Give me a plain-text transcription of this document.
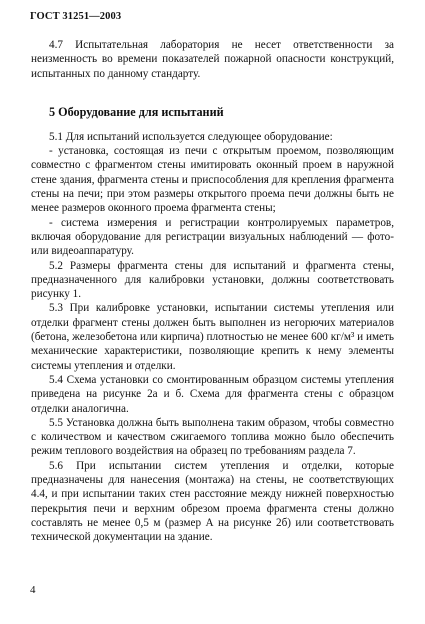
ГОСТ 31251—2003

4.7 Испытательная лаборатория не несет ответственности за неизменность во времени показателей пожарной опасности конструкций, испытанных по данному стандарту.

5 Оборудование для испытаний

5.1 Для испытаний используется следующее оборудование:

- установка, состоящая из печи с открытым проемом, позволяющим совместно с фрагментом стены имитировать оконный проем в наружной стене здания, фрагмента стены и приспособления для крепления фрагмента стены на печи; при этом размеры открытого проема печи должны быть не менее размеров оконного проема фрагмента стены;

- система измерения и регистрации контролируемых параметров, включая оборудование для регистрации визуальных наблюдений — фото- или видеоаппаратуру.

5.2 Размеры фрагмента стены для испытаний и фрагмента стены, предназначенного для калибровки установки, должны соответствовать рисунку 1.

5.3 При калибровке установки, испытании системы утепления или отделки фрагмент стены должен быть выполнен из негорючих материалов (бетона, железобетона или кирпича) плотностью не менее 600 кг/м³ и иметь механические характеристики, позволяющие крепить к нему элементы системы утепления и отделки.

5.4 Схема установки со смонтированным образцом системы утепления приведена на рисунке 2а и б. Схема для фрагмента стены с образцом отделки аналогична.

5.5 Установка должна быть выполнена таким образом, чтобы совместно с количеством и качеством сжигаемого топлива можно было обеспечить режим теплового воздействия на образец по требованиям раздела 7.

5.6 При испытании систем утепления и отделки, которые предназначены для нанесения (монтажа) на стены, не соответствующих 4.4, и при испытании таких стен расстояние между нижней поверхностью перекрытия печи и верхним обрезом проема фрагмента стены должно составлять не менее 0,5 м (размер А на рисунке 2б) или соответствовать технической документации на здание.

4
